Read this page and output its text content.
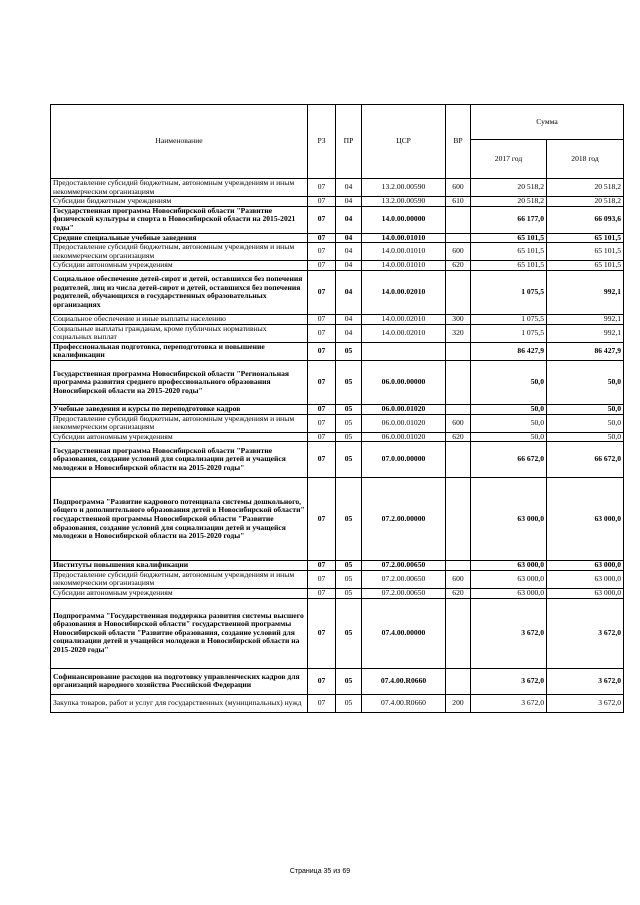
Наименование	РЗ	ПР	ЦСР	ВР	Сумма	
					2017 год	2018 год
Предоставление субсидий бюджетным, автономным учреждениям и иным некоммерческим организациям	07	04	13.2.00.00590	600	20 518,2	20 518,2
Субсидии бюджетным учреждениям	07	04	13.2.00.00590	610	20 518,2	20 518,2
Государственная программа Новосибирской области "Развитие физической культуры и спорта в Новосибирской области на 2015-2021 годы"	07	04	14.0.00.00000		66 177,0	66 093,6
Средние специальные учебные заведения	07	04	14.0.00.01010		65 101,5	65 101,5
Предоставление субсидий бюджетным, автономным учреждениям и иным некоммерческим организациям	07	04	14.0.00.01010	600	65 101,5	65 101,5
Субсидии автономным учреждениям	07	04	14.0.00.01010	620	65 101,5	65 101,5
Социальное обеспечение детей-сирот и детей, оставшихся без попечения родителей, лиц из числа детей-сирот и детей, оставшихся без попечения родителей, обучающихся в государственных образовательных организациях	07	04	14.0.00.02010		1 075,5	992,1
Социальное обеспечение и иные выплаты населению	07	04	14.0.00.02010	300	1 075,5	992,1
Социальные выплаты гражданам, кроме публичных нормативных социальных выплат	07	04	14.0.00.02010	320	1 075,5	992,1
Профессиональная подготовка, переподготовка и повышение квалификации	07	05			86 427,9	86 427,9
Государственная программа Новосибирской области "Региональная программа развития среднего профессионального образования Новосибирской области на 2015-2020 годы"	07	05	06.0.00.00000		50,0	50,0
Учебные заведения и курсы по переподготовке кадров	07	05	06.0.00.01020		50,0	50,0
Предоставление субсидий бюджетным, автономным учреждениям и иным некоммерческим организациям	07	05	06.0.00.01020	600	50,0	50,0
Субсидии автономным учреждениям	07	05	06.0.00.01020	620	50,0	50,0
Государственная программа Новосибирской области "Развитие образования, создание условий для социализации детей и учащейся молодежи в Новосибирской области на 2015-2020 годы"	07	05	07.0.00.00000		66 672,0	66 672,0
Подпрограмма "Развитие кадрового потенциала системы дошкольного, общего и дополнительного образования детей в Новосибирской области" государственной программы Новосибирской области "Развитие образования, создание условий для социализации детей и учащейся молодежи в Новосибирской области на 2015-2020 годы"	07	05	07.2.00.00000		63 000,0	63 000,0
Институты повышения квалификации	07	05	07.2.00.00650		63 000,0	63 000,0
Предоставление субсидий бюджетным, автономным учреждениям и иным некоммерческим организациям	07	05	07.2.00.00650	600	63 000,0	63 000,0
Субсидии автономным учреждениям	07	05	07.2.00.00650	620	63 000,0	63 000,0
Подпрограмма "Государственная поддержка развития системы высшего образования в Новосибирской области" государственной программы Новосибирской области "Развитие образования, создание условий для социализации детей и учащейся молодежи в Новосибирской области на 2015-2020 годы"	07	05	07.4.00.00000		3 672,0	3 672,0
Софинансирование расходов на подготовку управленческих кадров для организаций народного хозяйства Российской Федерации	07	05	07.4.00.R0660		3 672,0	3 672,0
Закупка товаров, работ и услуг для государственных (муниципальных) нужд	07	05	07.4.00.R0660	200	3 672,0	3 672,0
Страница 35 из 69
